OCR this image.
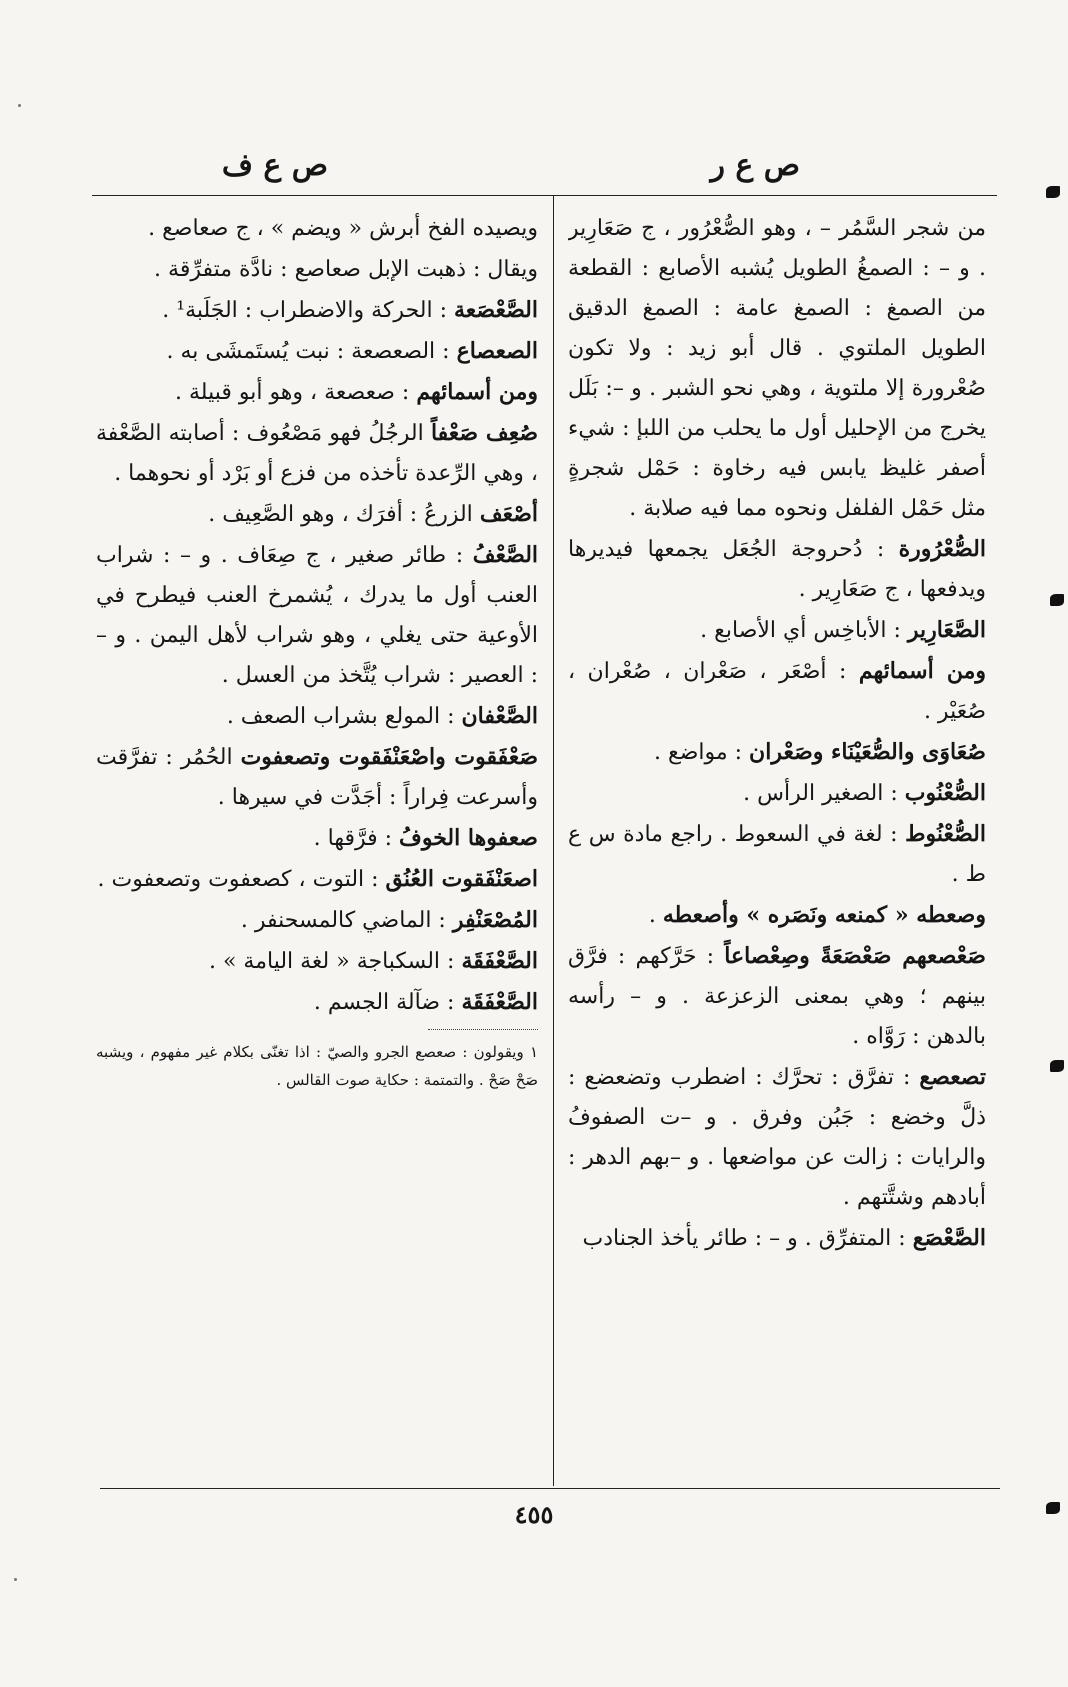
ص ع ر
ص ع ف

من شجر السَّمُر – ، وهو الصُّعْرُور ، ج صَعَارِير . و – : الصمغُ الطويل يُشبه الأصابع : القطعة من الصمغ : الصمغ عامة : الصمغ الدقيق الطويل الملتوي . قال أبو زيد : ولا تكون صُعْرورة إلا ملتوية ، وهي نحو الشبر . و –: بَلَل يخرج من الإحليل أول ما يحلب من اللبإ : شيء أصفر غليظ يابس فيه رخاوة : حَمْل شجرةٍ مثل حَمْل الفلفل ونحوه مما فيه صلابة .

الصُّعْرُورة : دُحروجة الجُعَل يجمعها فيديرها ويدفعها ، ج صَعَارِير .

الصَّعَارِير : الأباخِس أي الأصابع .

ومن أسمائهم : أصْعَر ، صَعْران ، صُعْران ، صُعَيْر .

صُعَاوَى والصُّعَيْنَاء وصَعْران : مواضع .

الصُّعْنُوب : الصغير الرأس .

الصُّعْنُوط : لغة في السعوط . راجع مادة س ع ط .

وصعطه « كمنعه ونَصَره » وأصعطه .

صَعْصعهم صَعْصَعَةً وصِعْصاعاً : حَرَّكهم : فرَّق بينهم ؛ وهي بمعنى الزعزعة . و – رأسه بالدهن : رَوَّاه .

تصعصع : تفرَّق : تحرَّك : اضطرب وتضعضع : ذلَّ وخضع : جَبُن وفرق . و –ت الصفوفُ والرايات : زالت عن مواضعها . و –بهم الدهر : أبادهم وشتَّتهم .

الصَّعْصَع : المتفرِّق . و – : طائر يأخذ الجنادب

ويصيده الفخ أبرش « ويضم » ، ج صعاصع .

ويقال : ذهبت الإبل صعاصع : نادَّة متفرِّقة .

الصَّعْصَعة : الحركة والاضطراب : الجَلَبة¹ .

الصعصاع : الصعصعة : نبت يُستَمشَى به .

ومن أسمائهم : صعصعة ، وهو أبو قبيلة .

صُعِف صَعْفاً الرجُلُ فهو مَصْعُوف : أصابته الصَّعْفة ، وهي الرِّعدة تأخذه من فزع أو بَرْد أو نحوهما .

أصْعَف الزرعُ : أفرَك ، وهو الصَّعِيف .

الصَّعْفُ : طائر صغير ، ج صِعَاف . و – : شراب العنب أول ما يدرك ، يُشمرخ العنب فيطرح في الأوعية حتى يغلي ، وهو شراب لأهل اليمن . و – : العصير : شراب يُتَّخذ من العسل .

الصَّعْفان : المولع بشراب الصعف .

صَعْفَقوت واصْعَنْفَقوت وتصعفوت الحُمُر : تفرَّقت وأسرعت فِراراً : أجَدَّت في سيرها .

صعفوها الخوفُ : فرَّقها .

اصعَنْفَقوت العُنُق : التوت ، كصعفوت وتصعفوت .

المُصْعَنْفِر : الماضي كالمسحنفر .

الصَّعْفَقَة : السكباجة « لغة اليامة » .

الصَّعْفَقَة : ضآلة الجسم .

١ ويقولون : صعصع الجرو والصيّ : اذا تغنّى بكلام غير مفهوم ، ويشبه صَحْ صَحْ . والتمتمة : حكاية صوت القالس .

٤٥٥
